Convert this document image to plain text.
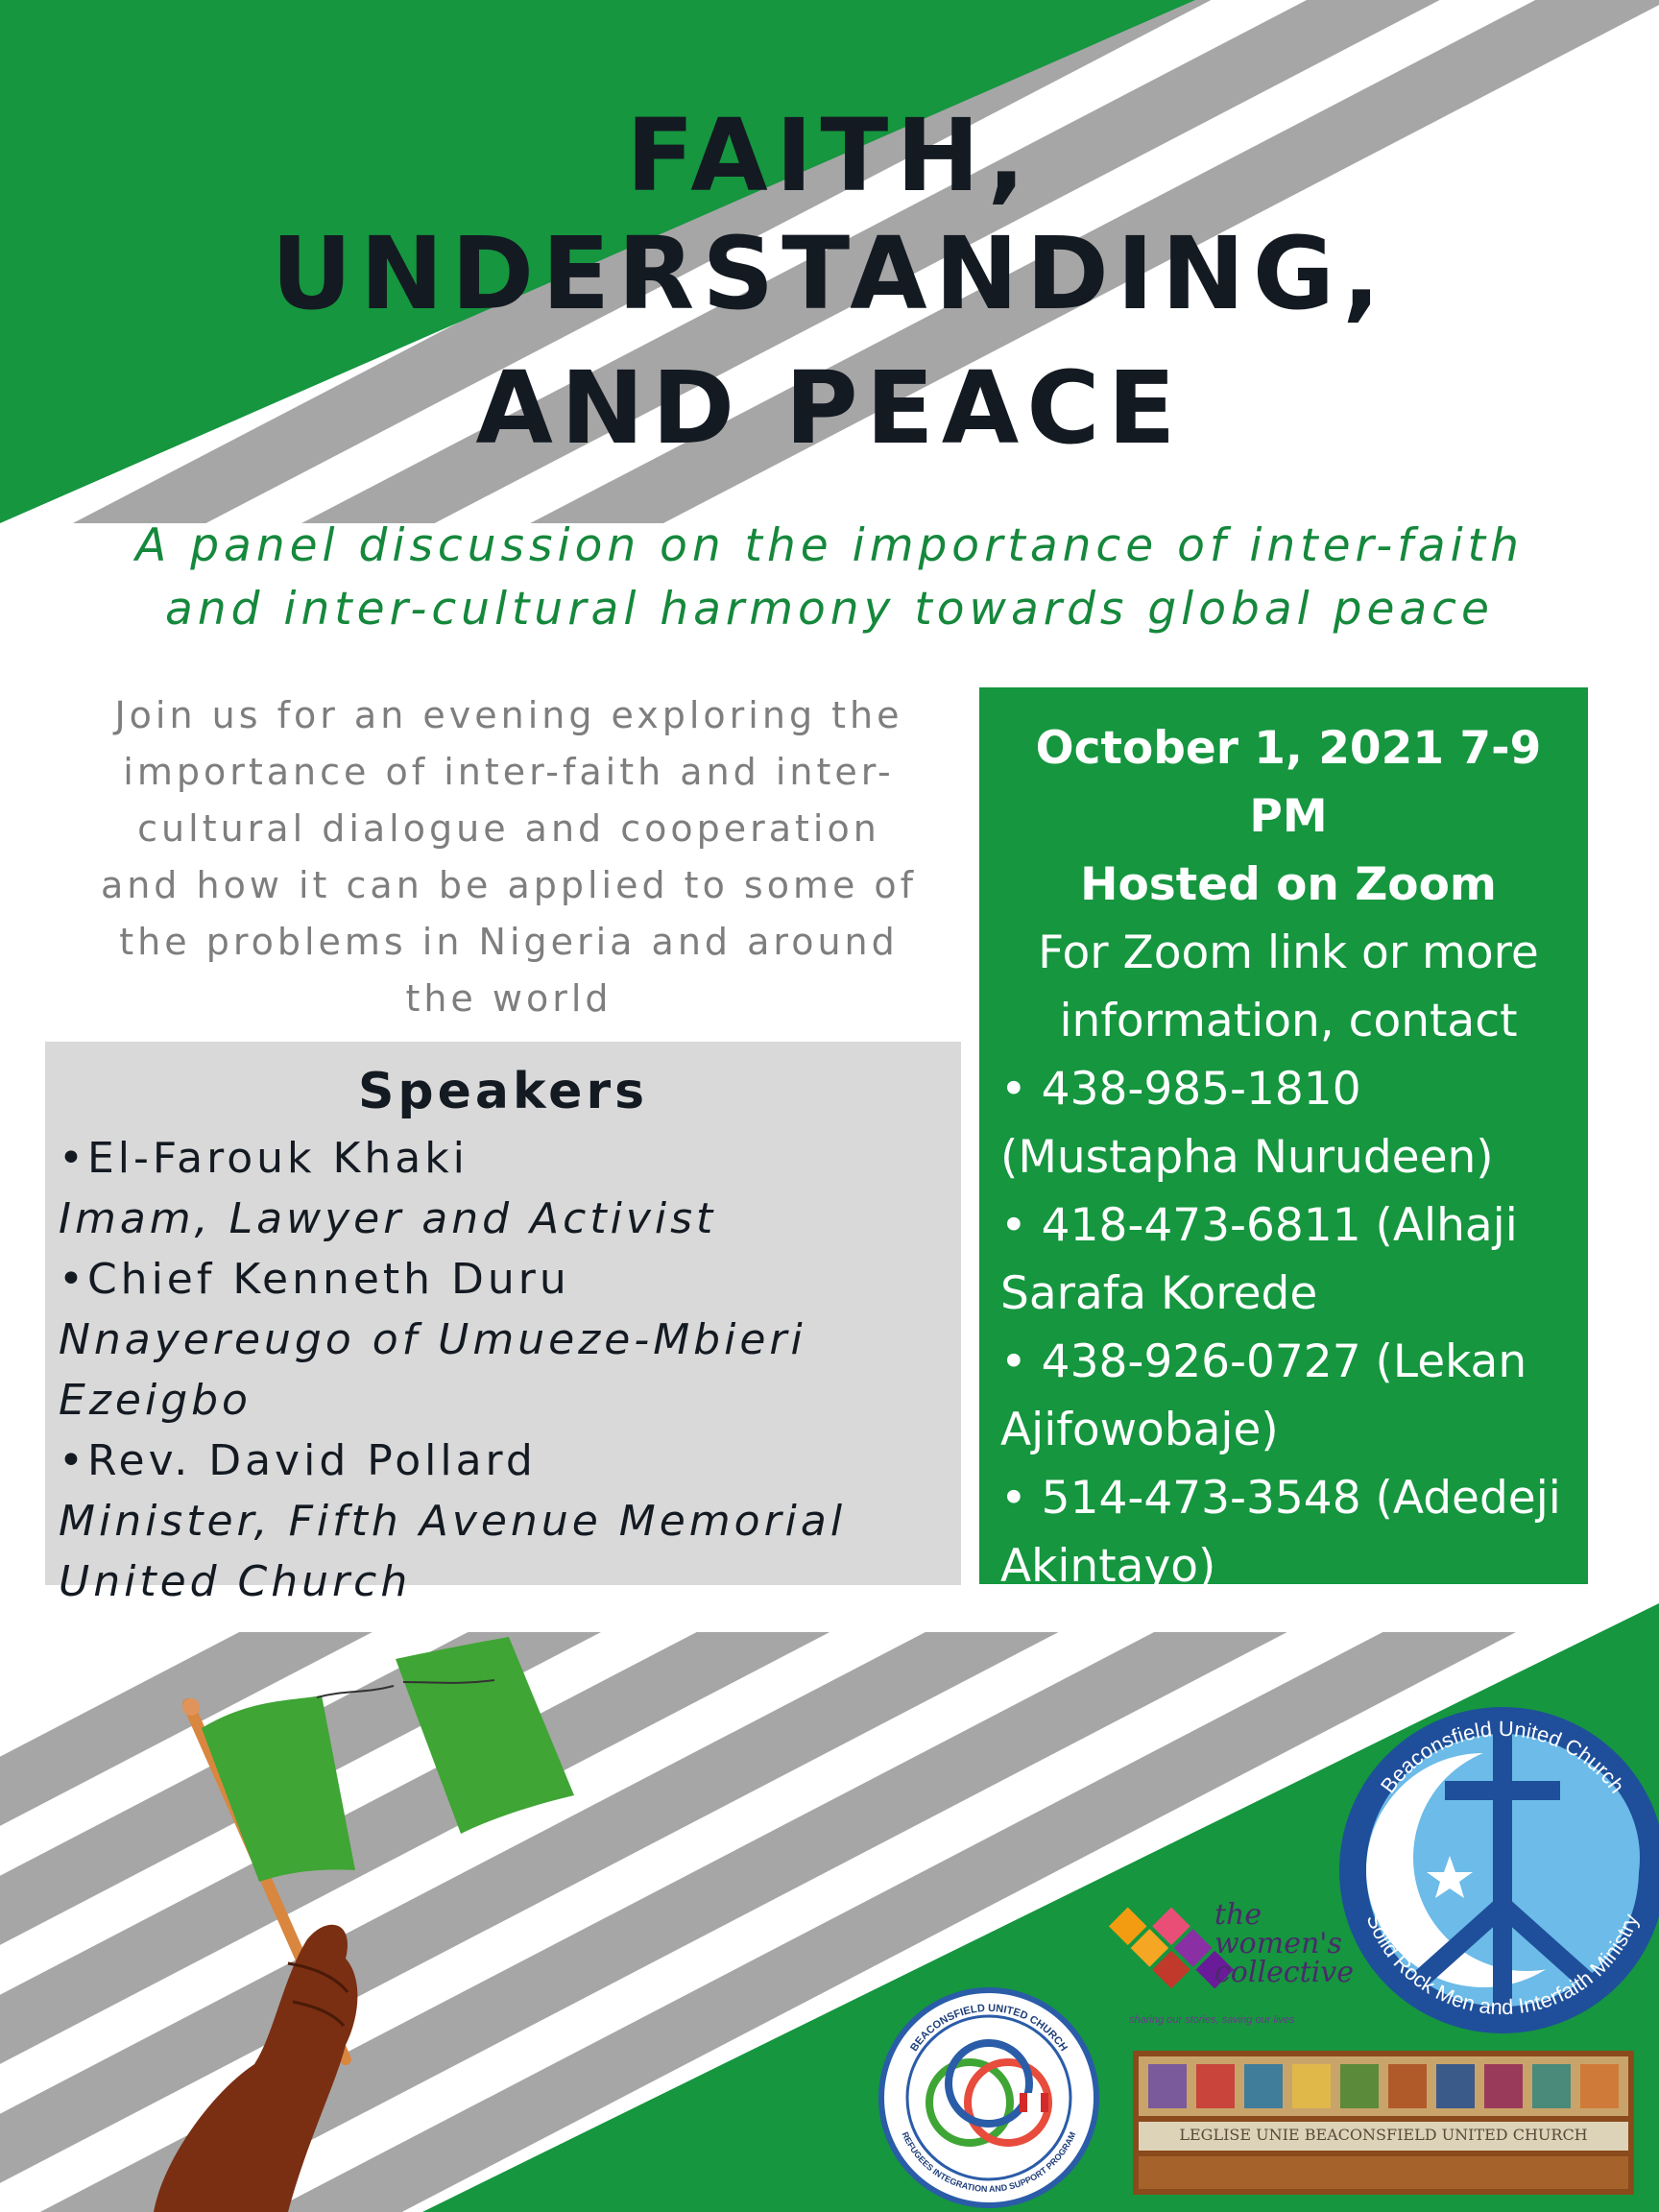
FAITH,
UNDERSTANDING,
AND PEACE
A panel discussion on the importance of inter-faith
and inter-cultural harmony towards global peace
Join us for an evening exploring the
importance of inter-faith and inter-
cultural dialogue and cooperation
and how it can be applied to some of
the problems in Nigeria and around
the world
Speakers
•El-Farouk Khaki
Imam, Lawyer and Activist
•Chief Kenneth Duru
Nnayereugo of Umueze-Mbieri Ezeigbo
•Rev. David Pollard
Minister, Fifth Avenue Memorial
United Church
October 1, 2021 7-9 PM
Hosted on Zoom
For Zoom link or more
information, contact
• 438-985-1810
(Mustapha Nurudeen)
• 418-473-6811 (Alhaji
Sarafa Korede
• 438-926-0727 (Lekan
Ajifowobaje)
• 514-473-3548 (Adedeji
Akintayo)
Beaconsfield United Church
Solid Rock Men and Interfaith Ministry
the
women's
collective
sharing our stories, saving our lives
BEACONSFIELD UNITED CHURCH
REFUGEES INTEGRATION AND SUPPORT PROGRAM	LEGLISE UNIE BEACONSFIELD UNITED CHURCH
